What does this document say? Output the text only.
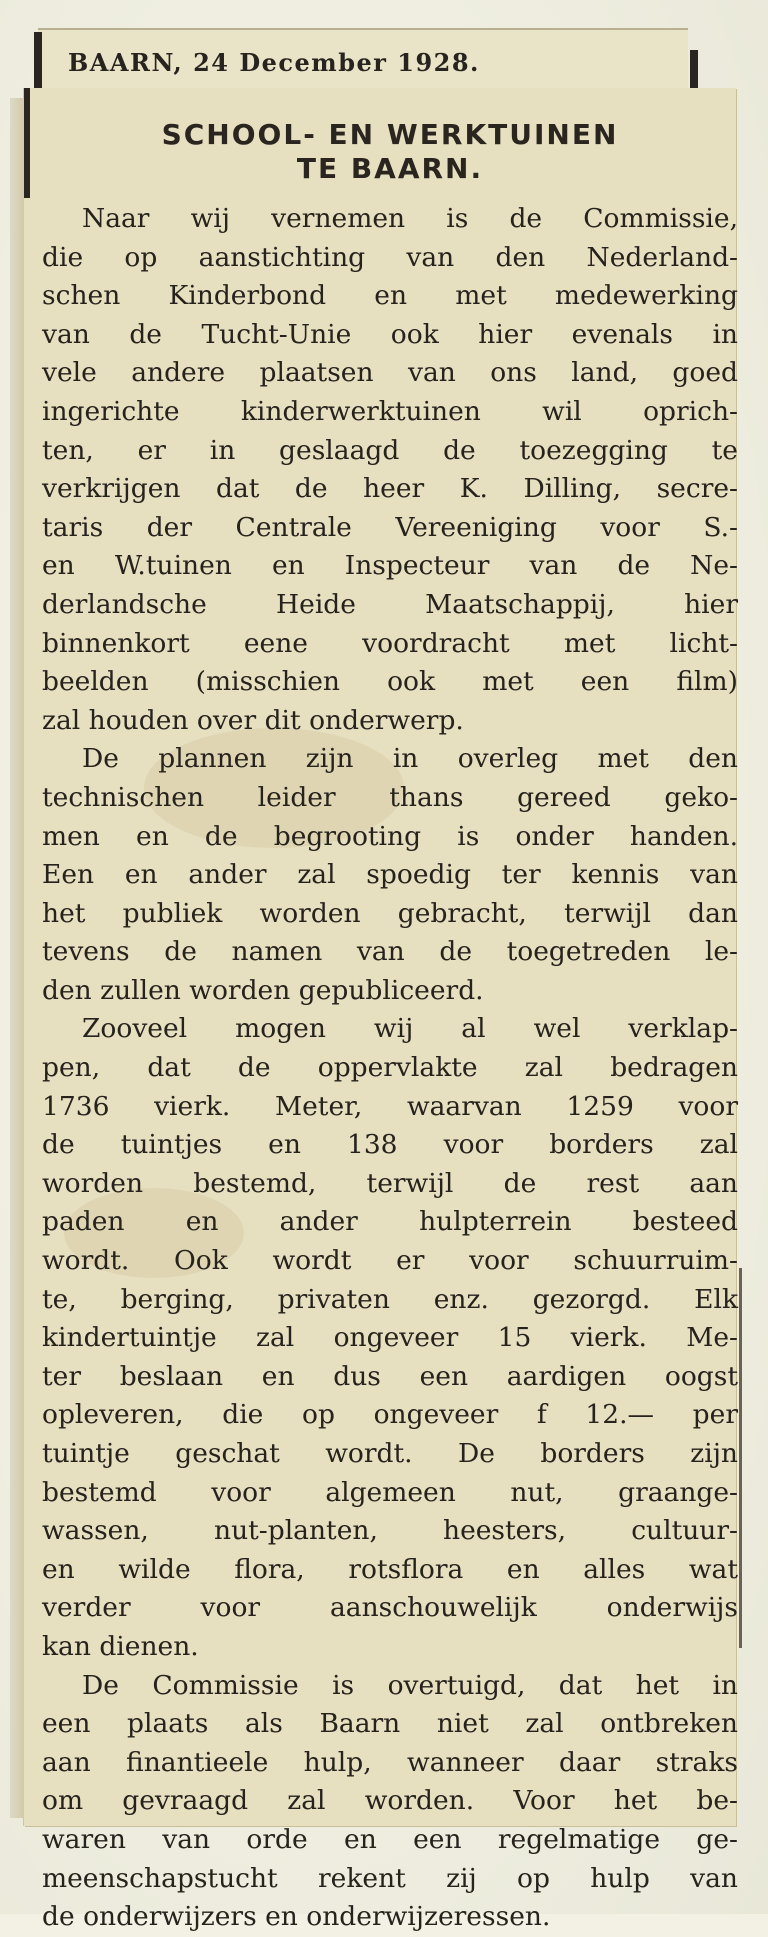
BAARN, 24 December 1928.

SCHOOL- EN WERKTUINEN
TE BAARN.

Naar wij vernemen is de Commissie,
die op aanstichting van den Nederland-
schen Kinderbond en met medewerking
van de Tucht-Unie ook hier evenals in
vele andere plaatsen van ons land, goed
ingerichte kinderwerktuinen wil oprich-
ten, er in geslaagd de toezegging te
verkrijgen dat de heer K. Dilling, secre-
taris der Centrale Vereeniging voor S.-
en W.tuinen en Inspecteur van de Ne-
derlandsche Heide Maatschappij, hier
binnenkort eene voordracht met licht-
beelden (misschien ook met een film)
zal houden over dit onderwerp.

De plannen zijn in overleg met den
technischen leider thans gereed geko-
men en de begrooting is onder handen.
Een en ander zal spoedig ter kennis van
het publiek worden gebracht, terwijl dan
tevens de namen van de toegetreden le-
den zullen worden gepubliceerd.

Zooveel mogen wij al wel verklap-
pen, dat de oppervlakte zal bedragen
1736 vierk. Meter, waarvan 1259 voor
de tuintjes en 138 voor borders zal
worden bestemd, terwijl de rest aan
paden en ander hulpterrein besteed
wordt. Ook wordt er voor schuurruim-
te, berging, privaten enz. gezorgd. Elk
kindertuintje zal ongeveer 15 vierk. Me-
ter beslaan en dus een aardigen oogst
opleveren, die op ongeveer f 12.— per
tuintje geschat wordt. De borders zijn
bestemd voor algemeen nut, graange-
wassen, nut-planten, heesters, cultuur-
en wilde flora, rotsflora en alles wat
verder voor aanschouwelijk onderwijs
kan dienen.

De Commissie is overtuigd, dat het in
een plaats als Baarn niet zal ontbreken
aan finantieele hulp, wanneer daar straks
om gevraagd zal worden. Voor het be-
waren van orde en een regelmatige ge-
meenschapstucht rekent zij op hulp van
de onderwijzers en onderwijzeressen.
